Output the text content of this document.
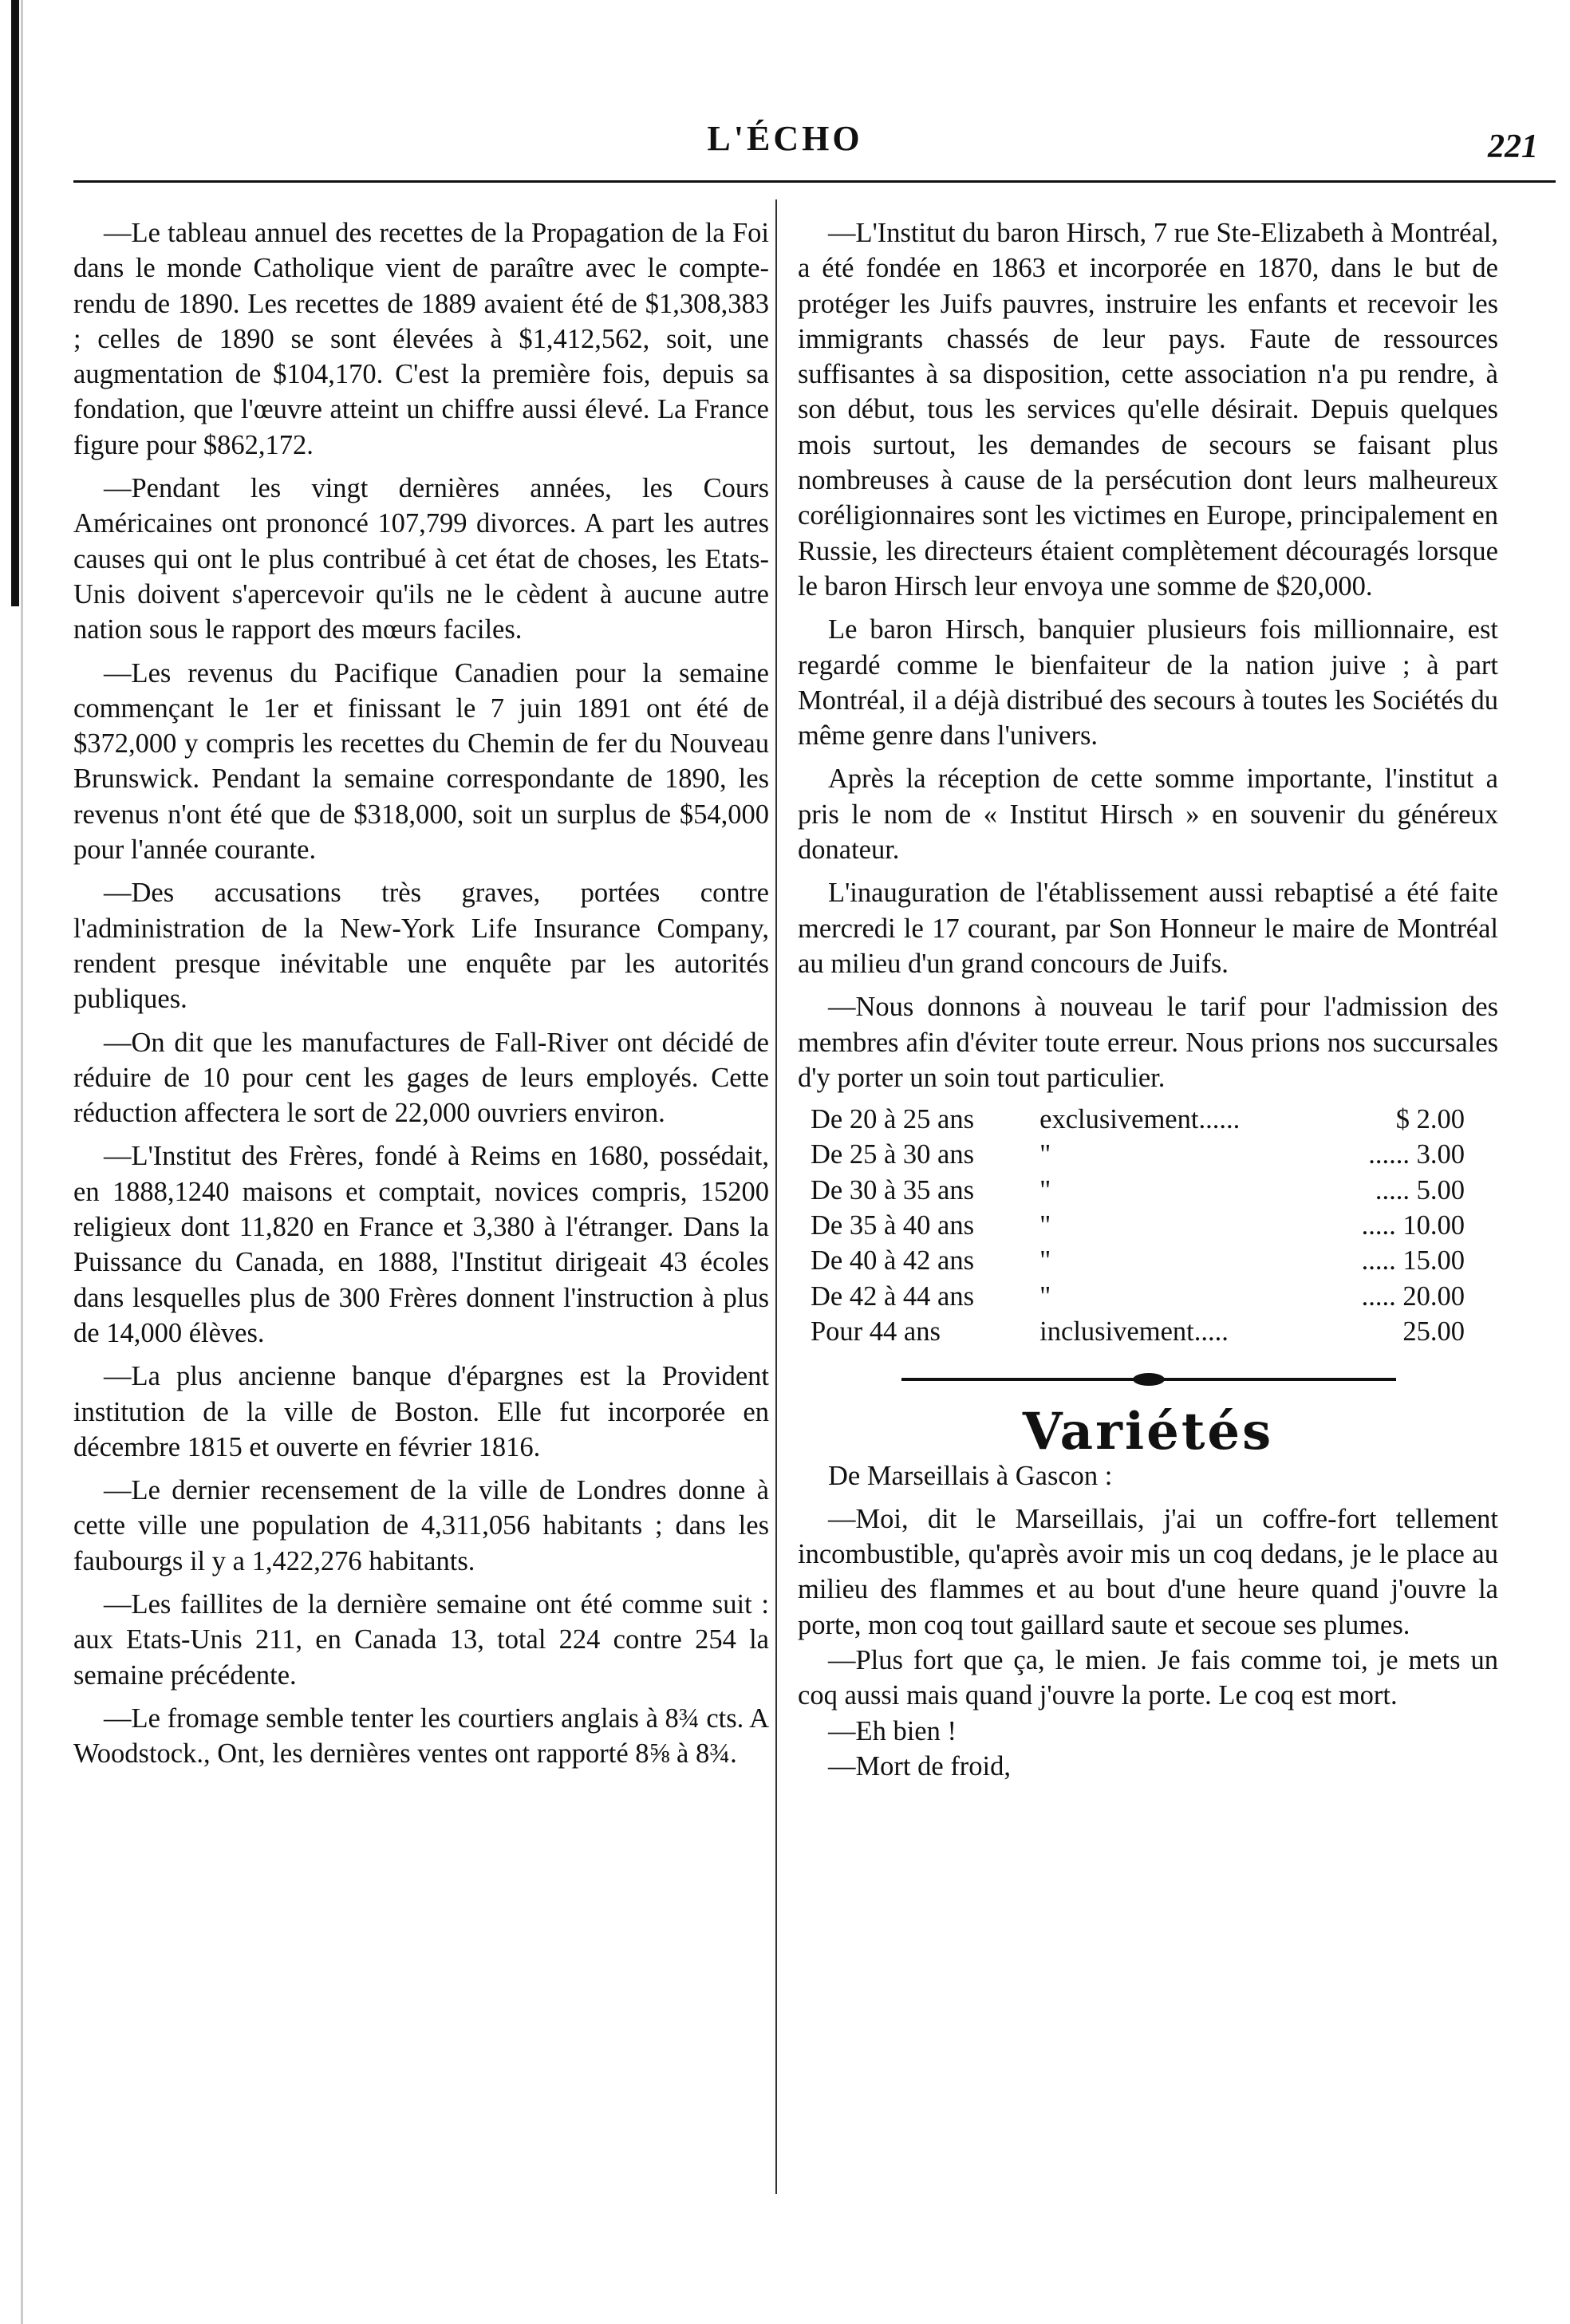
L'ÉCHO	221

—Le tableau annuel des recettes de la Propagation de la Foi dans le monde Catholique vient de paraître avec le compte-rendu de 1890. Les recettes de 1889 avaient été de $1,308,383 ; celles de 1890 se sont élevées à $1,412,562, soit, une augmentation de $104,170. C'est la première fois, depuis sa fondation, que l'œuvre atteint un chiffre aussi élevé. La France figure pour $862,172.

—Pendant les vingt dernières années, les Cours Américaines ont prononcé 107,799 divorces. A part les autres causes qui ont le plus contribué à cet état de choses, les Etats-Unis doivent s'apercevoir qu'ils ne le cèdent à aucune autre nation sous le rapport des mœurs faciles.

—Les revenus du Pacifique Canadien pour la semaine commençant le 1er et finissant le 7 juin 1891 ont été de $372,000 y compris les recettes du Chemin de fer du Nouveau Brunswick. Pendant la semaine correspondante de 1890, les revenus n'ont été que de $318,000, soit un surplus de $54,000 pour l'année courante.

—Des accusations très graves, portées contre l'administration de la New-York Life Insurance Company, rendent presque inévitable une enquête par les autorités publiques.

—On dit que les manufactures de Fall-River ont décidé de réduire de 10 pour cent les gages de leurs employés. Cette réduction affectera le sort de 22,000 ouvriers environ.

—L'Institut des Frères, fondé à Reims en 1680, possédait, en 1888,1240 maisons et comptait, novices compris, 15200 religieux dont 11,820 en France et 3,380 à l'étranger. Dans la Puissance du Canada, en 1888, l'Institut dirigeait 43 écoles dans lesquelles plus de 300 Frères donnent l'instruction à plus de 14,000 élèves.

—La plus ancienne banque d'épargnes est la Provident institution de la ville de Boston. Elle fut incorporée en décembre 1815 et ouverte en février 1816.

—Le dernier recensement de la ville de Londres donne à cette ville une population de 4,311,056 habitants ; dans les faubourgs il y a 1,422,276 habitants.

—Les faillites de la dernière semaine ont été comme suit : aux Etats-Unis 211, en Canada 13, total 224 contre 254 la semaine précédente.

—Le fromage semble tenter les courtiers anglais à 8¾ cts. A Woodstock., Ont, les dernières ventes ont rapporté 8⅝ à 8¾.

—L'Institut du baron Hirsch, 7 rue Ste-Elizabeth à Montréal, a été fondée en 1863 et incorporée en 1870, dans le but de protéger les Juifs pauvres, instruire les enfants et recevoir les immigrants chassés de leur pays. Faute de ressources suffisantes à sa disposition, cette association n'a pu rendre, à son début, tous les services qu'elle désirait. Depuis quelques mois surtout, les demandes de secours se faisant plus nombreuses à cause de la persécution dont leurs malheureux coréligionnaires sont les victimes en Europe, principalement en Russie, les directeurs étaient complètement découragés lorsque le baron Hirsch leur envoya une somme de $20,000.

Le baron Hirsch, banquier plusieurs fois millionnaire, est regardé comme le bienfaiteur de la nation juive ; à part Montréal, il a déjà distribué des secours à toutes les Sociétés du même genre dans l'univers.

Après la réception de cette somme importante, l'institut a pris le nom de « Institut Hirsch » en souvenir du généreux donateur.

L'inauguration de l'établissement aussi rebaptisé a été faite mercredi le 17 courant, par Son Honneur le maire de Montréal au milieu d'un grand concours de Juifs.

—Nous donnons à nouveau le tarif pour l'admission des membres afin d'éviter toute erreur. Nous prions nos succursales d'y porter un soin tout particulier.

De 20 à 25 ans	exclusivement......	$ 2.00
De 25 à 30 ans	"	...... 3.00
De 30 à 35 ans	"	..... 5.00
De 35 à 40 ans	"	..... 10.00
De 40 à 42 ans	"	..... 15.00
De 42 à 44 ans	"	..... 20.00
Pour 44 ans	inclusivement.....	25.00

Variétés

De Marseillais à Gascon :

—Moi, dit le Marseillais, j'ai un coffre-fort tellement incombustible, qu'après avoir mis un coq dedans, je le place au milieu des flammes et au bout d'une heure quand j'ouvre la porte, mon coq tout gaillard saute et secoue ses plumes.

—Plus fort que ça, le mien. Je fais comme toi, je mets un coq aussi mais quand j'ouvre la porte. Le coq est mort.

—Eh bien !

—Mort de froid,
